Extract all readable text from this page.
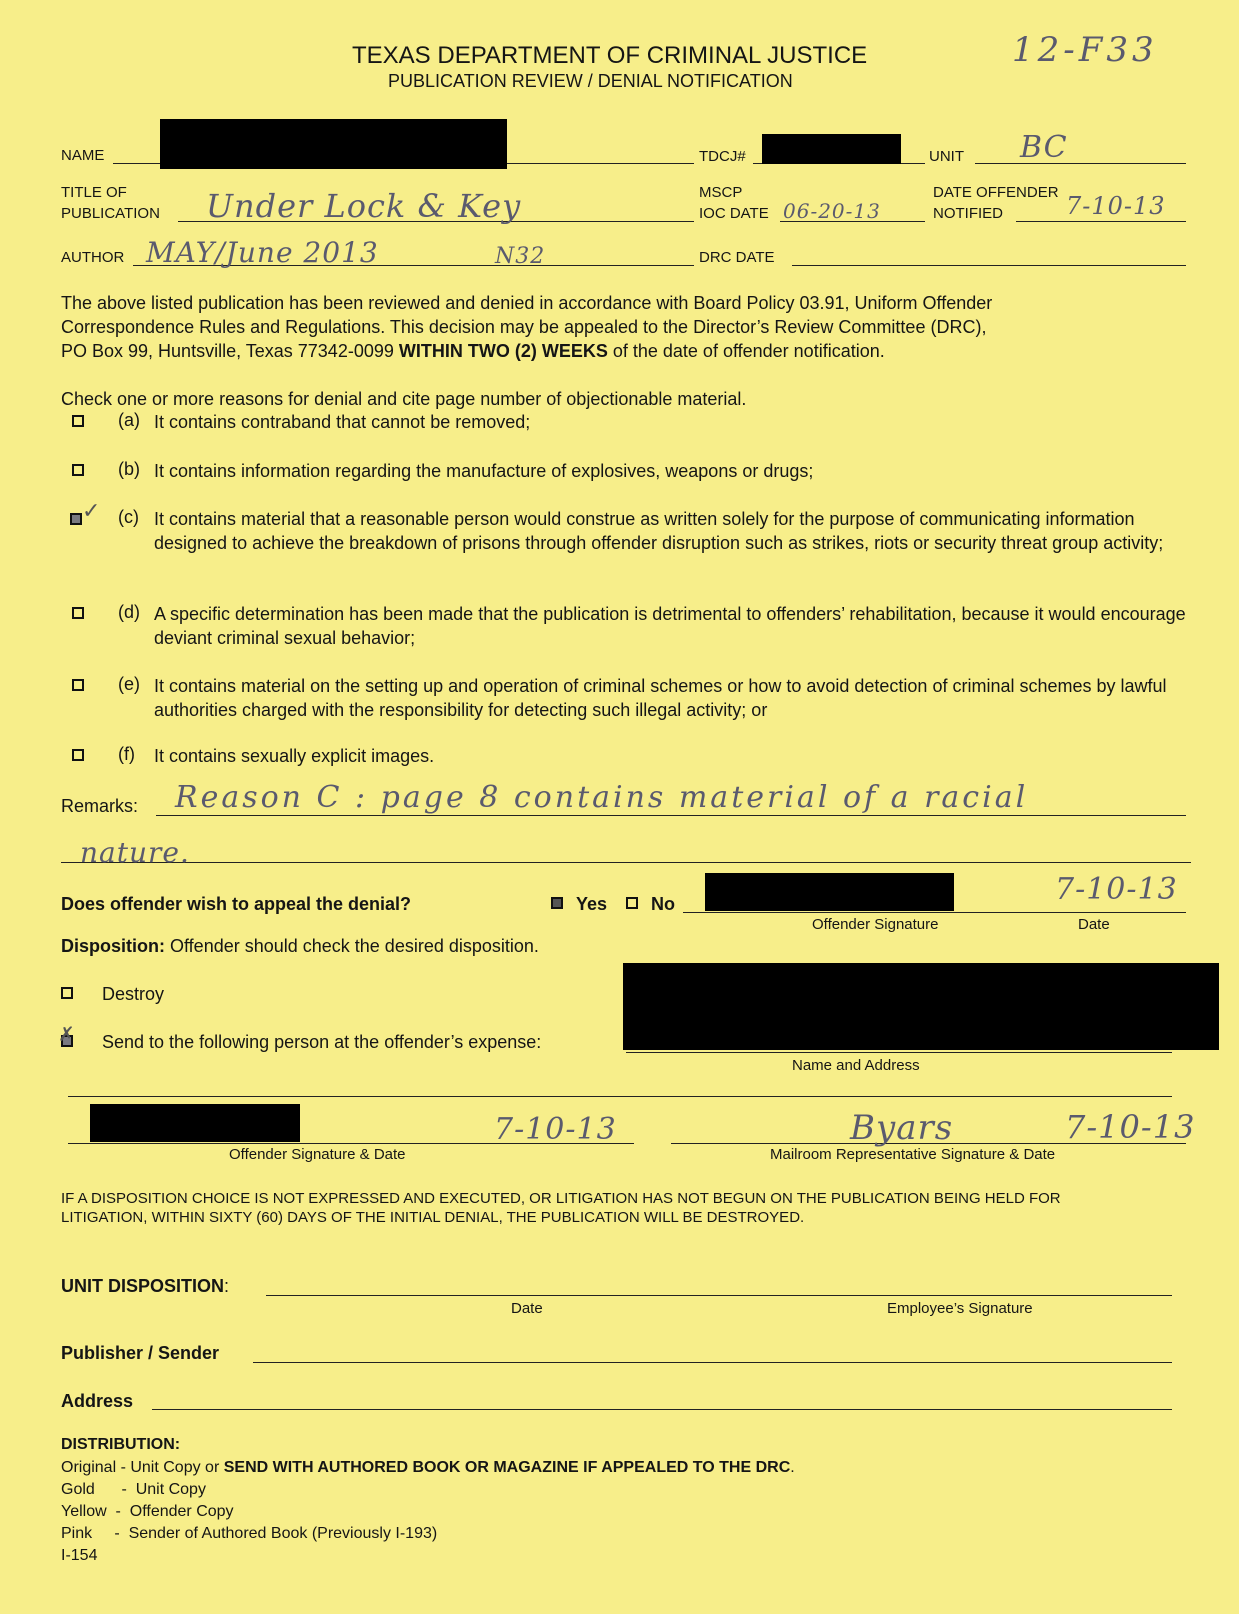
12-F33
TEXAS DEPARTMENT OF CRIMINAL JUSTICE
PUBLICATION REVIEW / DENIAL NOTIFICATION
NAME	TDCJ#	UNIT BC
TITLE OF
PUBLICATION Under Lock & Key	MSCP
IOC DATE 06-20-13
DATE OFFENDER
NOTIFIED	7-10-13
AUTHOR MAY/June 2013	N32	DRC DATE
The above listed publication has been reviewed and denied in accordance with Board Policy 03.91, Uniform Offender
Correspondence Rules and Regulations. This decision may be appealed to the Director’s Review Committee (DRC),
PO Box 99, Huntsville, Texas 77342-0099 WITHIN TWO (2) WEEKS of the date of offender notification.
Check one or more reasons for denial and cite page number of objectionable material.
(a) It contains contraband that cannot be removed;
(b) It contains information regarding the manufacture of explosives, weapons or drugs;
✓ (c) It contains material that a reasonable person would construe as written solely for the purpose of communicating information designed to achieve the breakdown of prisons through offender disruption such as strikes, riots or security threat group activity;
(d) A specific determination has been made that the publication is detrimental to offenders’ rehabilitation, because it would encourage deviant criminal sexual behavior;
(e) It contains material on the setting up and operation of criminal schemes or how to avoid detection of criminal schemes by lawful authorities charged with the responsibility for detecting such illegal activity; or
(f) It contains sexually explicit images.
Remarks: Reason C : page 8 contains material of a racial
nature.
Does offender wish to appeal the denial?	Yes No	7-10-13
Offender Signature	Date
Disposition: Offender should check the desired disposition.
Destroy
✗ Send to the following person at the offender’s expense:
Name and Address
7-10-13
Offender Signature & Date
Byars	7-10-13
Mailroom Representative Signature & Date
IF A DISPOSITION CHOICE IS NOT EXPRESSED AND EXECUTED, OR LITIGATION HAS NOT BEGUN ON THE PUBLICATION BEING HELD FOR
LITIGATION, WITHIN SIXTY (60) DAYS OF THE INITIAL DENIAL, THE PUBLICATION WILL BE DESTROYED.
UNIT DISPOSITION:
Date	Employee’s Signature
Publisher / Sender
Address
DISTRIBUTION:
Original - Unit Copy or SEND WITH AUTHORED BOOK OR MAGAZINE IF APPEALED TO THE DRC.
Gold      -  Unit Copy
Yellow  -  Offender Copy
Pink     -  Sender of Authored Book (Previously I-193)
I-154
